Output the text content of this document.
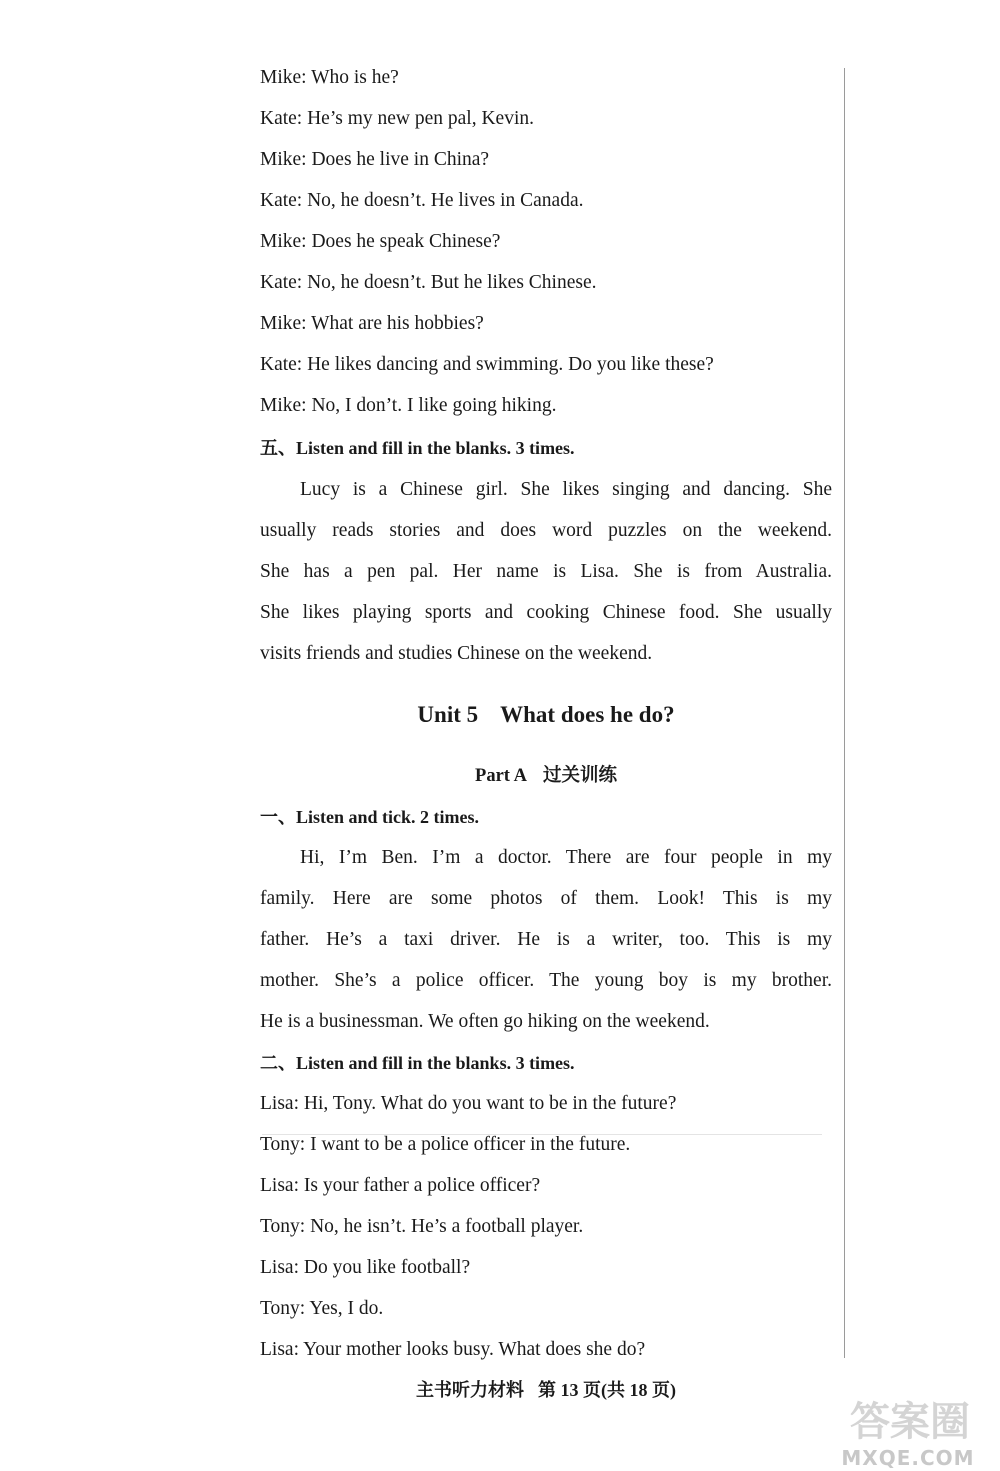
Mike: Who is he?
Kate: He’s my new pen pal, Kevin.
Mike: Does he live in China?
Kate: No, he doesn’t. He lives in Canada.
Mike: Does he speak Chinese?
Kate: No, he doesn’t. But he likes Chinese.
Mike: What are his hobbies?
Kate: He likes dancing and swimming. Do you like these?
Mike: No, I don’t. I like going hiking.
五、Listen and fill in the blanks. 3 times.
Lucy is a Chinese girl. She likes singing and dancing. She
usually reads stories and does word puzzles on the weekend.
She has a pen pal. Her name is Lisa. She is from Australia.
She likes playing sports and cooking Chinese food. She usually
visits friends and studies Chinese on the weekend.
Unit 5 What does he do?
Part A 过关训练
一、Listen and tick. 2 times.
Hi, I’m Ben. I’m a doctor. There are four people in my
family. Here are some photos of them. Look! This is my
father. He’s a taxi driver. He is a writer, too. This is my
mother. She’s a police officer. The young boy is my brother.
He is a businessman. We often go hiking on the weekend.
二、Listen and fill in the blanks. 3 times.
Lisa: Hi, Tony. What do you want to be in the future?
Tony: I want to be a police officer in the future.
Lisa: Is your father a police officer?
Tony: No, he isn’t. He’s a football player.
Lisa: Do you like football?
Tony: Yes, I do.
Lisa: Your mother looks busy. What does she do?
主书听力材料 第 13 页(共 18 页)
答案圈
MXQE.COM
